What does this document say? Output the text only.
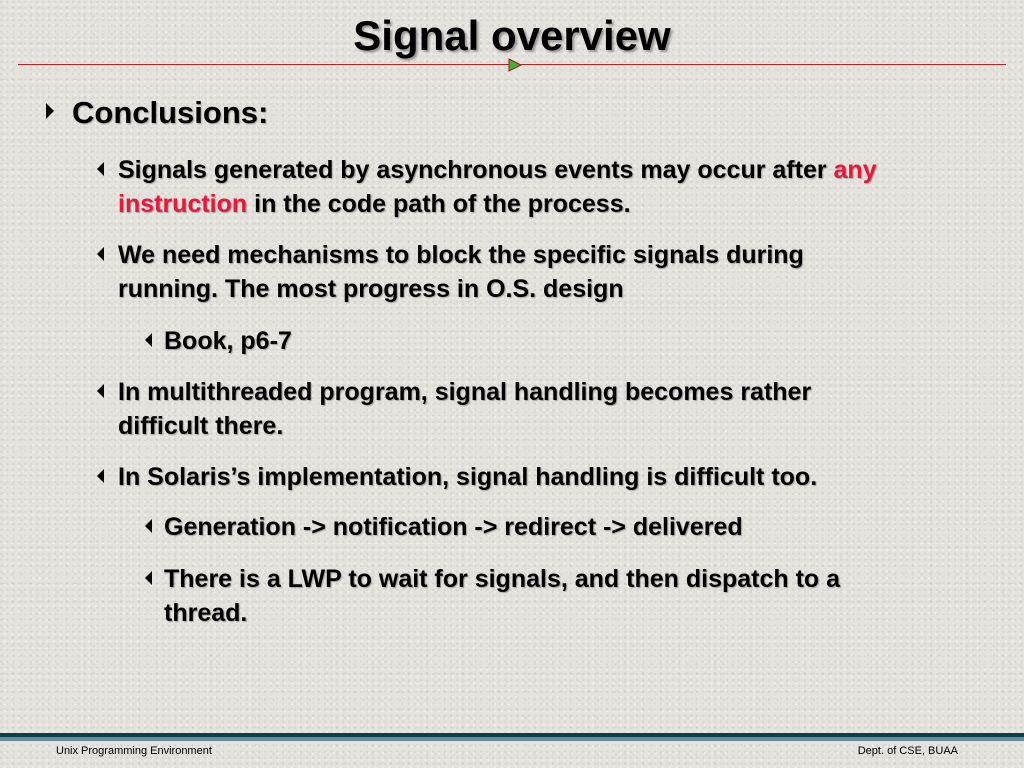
Signal overview
Conclusions:
Signals generated by asynchronous events may occur after any
instruction in the code path of the process.
We need mechanisms to block the specific signals during
running. The most progress in O.S. design
Book, p6-7
In multithreaded program, signal handling becomes rather
difficult there.
In Solaris’s implementation, signal handling is difficult too.
Generation -> notification -> redirect -> delivered
There is a LWP to wait for signals, and then dispatch to a
thread.
Unix Programming Environment	Dept. of CSE, BUAA
